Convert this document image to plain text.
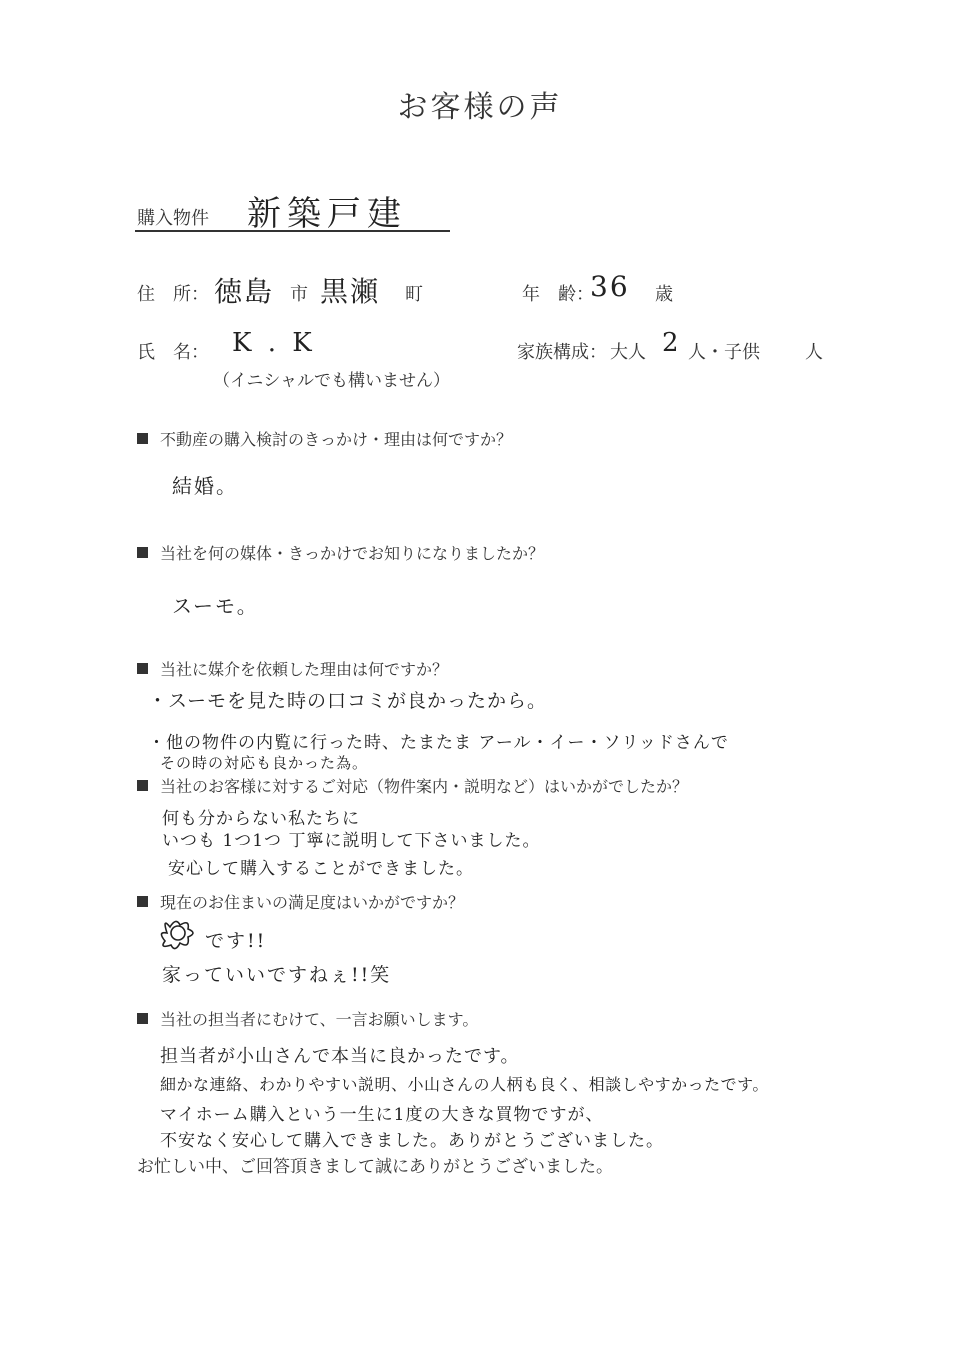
お客様の声
購入物件 新築戸建
住　所： 徳島 市 黒瀬 町	年　齢：
36 歳
氏　名： K . K
（イニシャルでも構いません）
家族構成： 大人 2 人・子供	人
不動産の購入検討のきっかけ・理由は何ですか？
結婚。
当社を何の媒体・きっかけでお知りになりましたか？
スーモ。
当社に媒介を依頼した理由は何ですか？
・スーモを見た時の口コミが良かったから。
・他の物件の内覧に行った時、たまたま アール・イー・ソリッドさんで
その時の対応も良かった為。
当社のお客様に対するご対応（物件案内・説明など）はいかがでしたか？
何も分からない私たちに
いつも 1つ1つ 丁寧に説明して下さいました。
安心して購入することができました。
現在のお住まいの満足度はいかがですか？
です!!
家っていいですねぇ!!笑
当社の担当者にむけて、一言お願いします。
担当者が小山さんで本当に良かったです。
細かな連絡、わかりやすい説明、小山さんの人柄も良く、相談しやすかったです。
マイホーム購入という一生に1度の大きな買物ですが、
不安なく安心して購入できました。ありがとうございました。
お忙しい中、ご回答頂きまして誠にありがとうございました。
